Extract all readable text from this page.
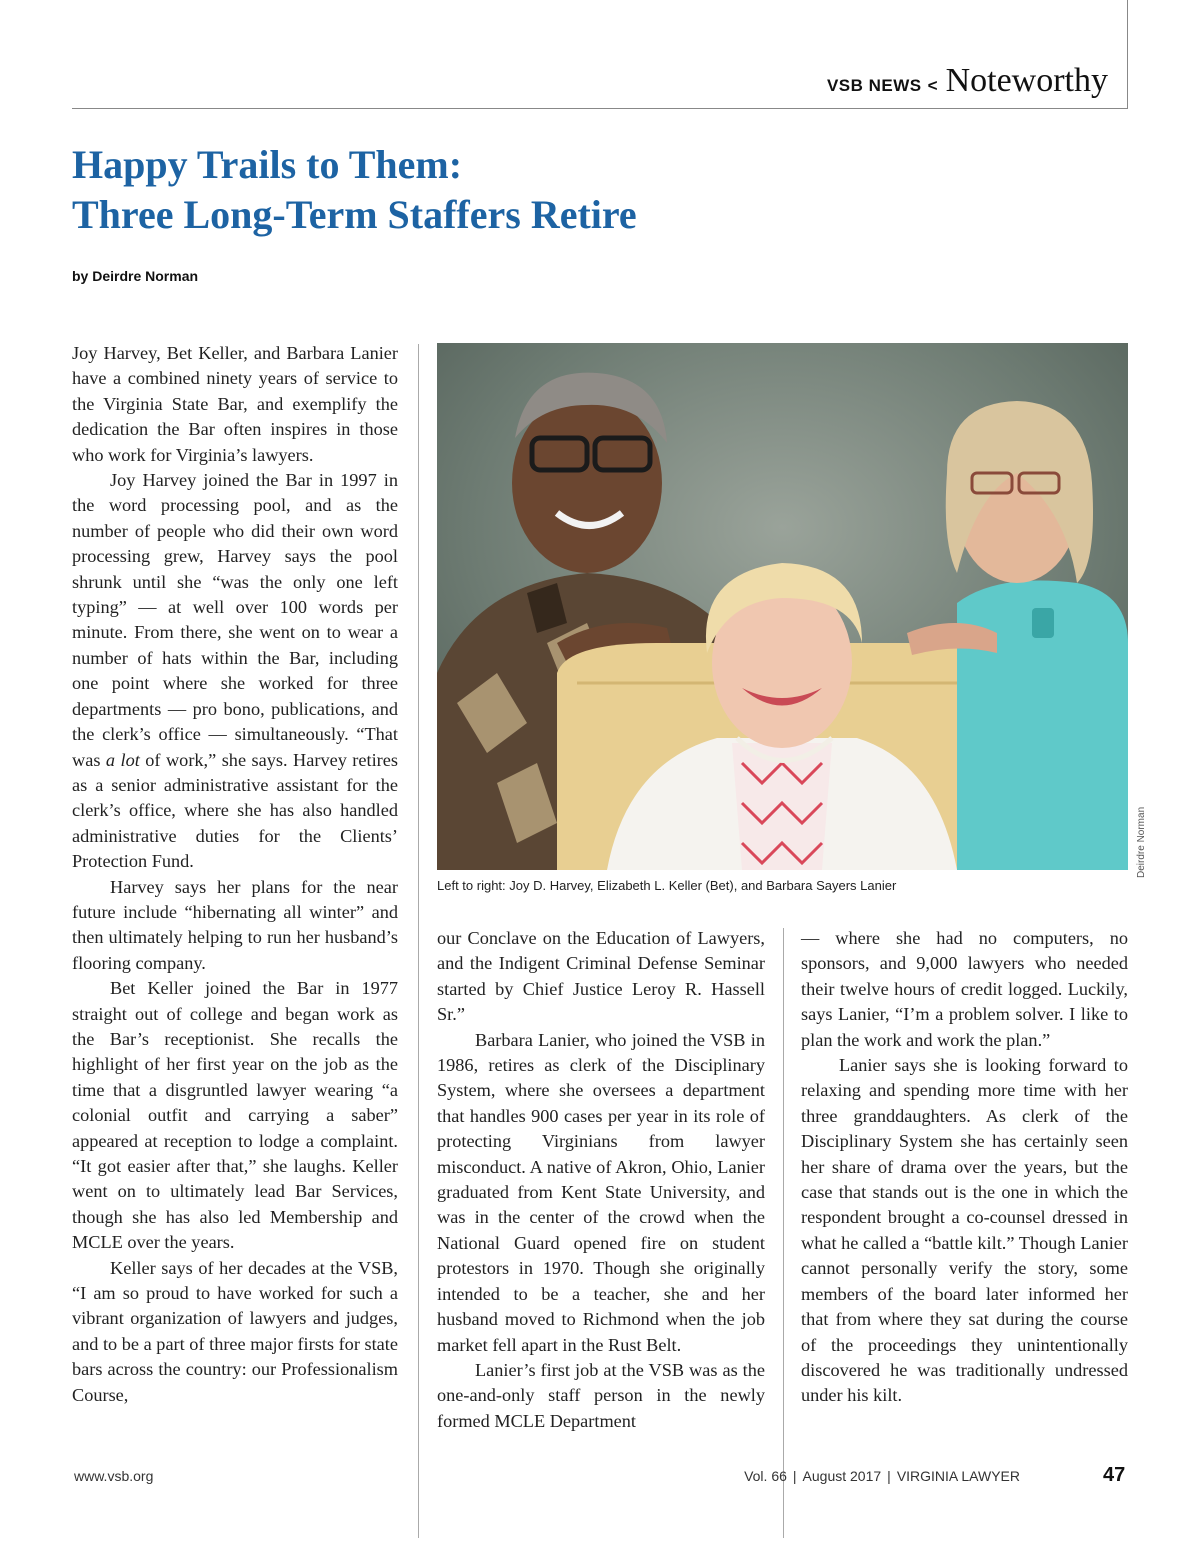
VSB NEWS < Noteworthy
Happy Trails to Them:
Three Long-Term Staffers Retire
by Deirdre Norman

Joy Harvey, Bet Keller, and Barbara Lanier have a combined ninety years of service to the Virginia State Bar, and exemplify the dedication the Bar often inspires in those who work for Virginia’s lawyers.

Joy Harvey joined the Bar in 1997 in the word processing pool, and as the number of people who did their own word processing grew, Harvey says the pool shrunk until she “was the only one left typing” — at well over 100 words per minute. From there, she went on to wear a number of hats within the Bar, including one point where she worked for three departments — pro bono, publications, and the clerk’s office — simultaneously. “That was a lot of work,” she says. Harvey retires as a senior administrative assistant for the clerk’s office, where she has also handled administrative duties for the Clients’ Protection Fund.

Harvey says her plans for the near future include “hibernating all winter” and then ultimately helping to run her husband’s flooring company.

Bet Keller joined the Bar in 1977 straight out of college and began work as the Bar’s receptionist. She recalls the highlight of her first year on the job as the time that a disgruntled lawyer wearing “a colonial outfit and carrying a saber” appeared at reception to lodge a complaint. “It got easier after that,” she laughs. Keller went on to ultimately lead Bar Services, though she has also led Membership and MCLE over the years.

Keller says of her decades at the VSB, “I am so proud to have worked for such a vibrant organization of lawyers and judges, and to be a part of three major firsts for state bars across the country: our Professionalism Course,

Deirdre Norman
Left to right: Joy D. Harvey, Elizabeth L. Keller (Bet), and Barbara Sayers Lanier

our Conclave on the Education of Lawyers, and the Indigent Criminal Defense Seminar started by Chief Justice Leroy R. Hassell Sr.”

Barbara Lanier, who joined the VSB in 1986, retires as clerk of the Disciplinary System, where she oversees a department that handles 900 cases per year in its role of protecting Virginians from lawyer misconduct. A native of Akron, Ohio, Lanier graduated from Kent State University, and was in the center of the crowd when the National Guard opened fire on student protestors in 1970. Though she originally intended to be a teacher, she and her husband moved to Richmond when the job market fell apart in the Rust Belt.

Lanier’s first job at the VSB was as the one-and-only staff person in the newly formed MCLE Department

— where she had no computers, no sponsors, and 9,000 lawyers who needed their twelve hours of credit logged. Luckily, says Lanier, “I’m a problem solver. I like to plan the work and work the plan.”

Lanier says she is looking forward to relaxing and spending more time with her three granddaughters. As clerk of the Disciplinary System she has certainly seen her share of drama over the years, but the case that stands out is the one in which the respondent brought a co-counsel dressed in what he called a “battle kilt.” Though Lanier cannot personally verify the story, some members of the board later informed her that from where they sat during the course of the proceedings they unintentionally discovered he was traditionally undressed under his kilt.

www.vsb.org	Vol. 66 | August 2017 | VIRGINIA LAWYER	47
